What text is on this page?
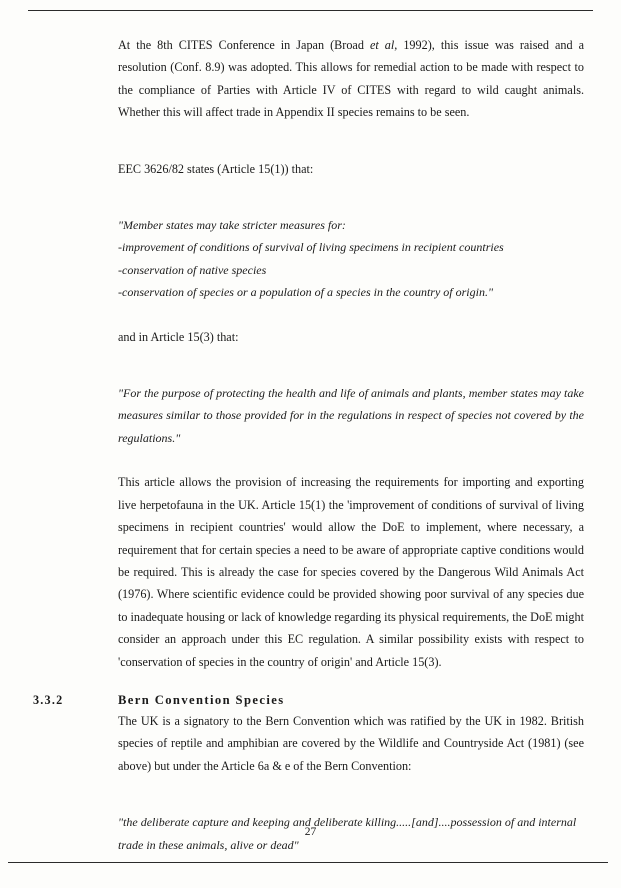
At the 8th CITES Conference in Japan (Broad et al, 1992), this issue was raised and a resolution (Conf. 8.9) was adopted. This allows for remedial action to be made with respect to the compliance of Parties with Article IV of CITES with regard to wild caught animals. Whether this will affect trade in Appendix II species remains to be seen.

EEC 3626/82 states (Article 15(1)) that:

"Member states may take stricter measures for:

-improvement of conditions of survival of living specimens in recipient countries

-conservation of native species

-conservation of species or a population of a species in the country of origin."

and in Article 15(3) that:

"For the purpose of protecting the health and life of animals and plants, member states may take measures similar to those provided for in the regulations in respect of species not covered by the regulations."

This article allows the provision of increasing the requirements for importing and exporting live herpetofauna in the UK. Article 15(1) the 'improvement of conditions of survival of living specimens in recipient countries' would allow the DoE to implement, where necessary, a requirement that for certain species a need to be aware of appropriate captive conditions would be required. This is already the case for species covered by the Dangerous Wild Animals Act (1976). Where scientific evidence could be provided showing poor survival of any species due to inadequate housing or lack of knowledge regarding its physical requirements, the DoE might consider an approach under this EC regulation. A similar possibility exists with respect to 'conservation of species in the country of origin' and Article 15(3).

3.3.2	Bern Convention Species

The UK is a signatory to the Bern Convention which was ratified by the UK in 1982. British species of reptile and amphibian are covered by the Wildlife and Countryside Act (1981) (see above) but under the Article 6a & e of the Bern Convention:

"the deliberate capture and keeping and deliberate killing.....[and]....possession of and internal

trade in these animals, alive or dead"

27
